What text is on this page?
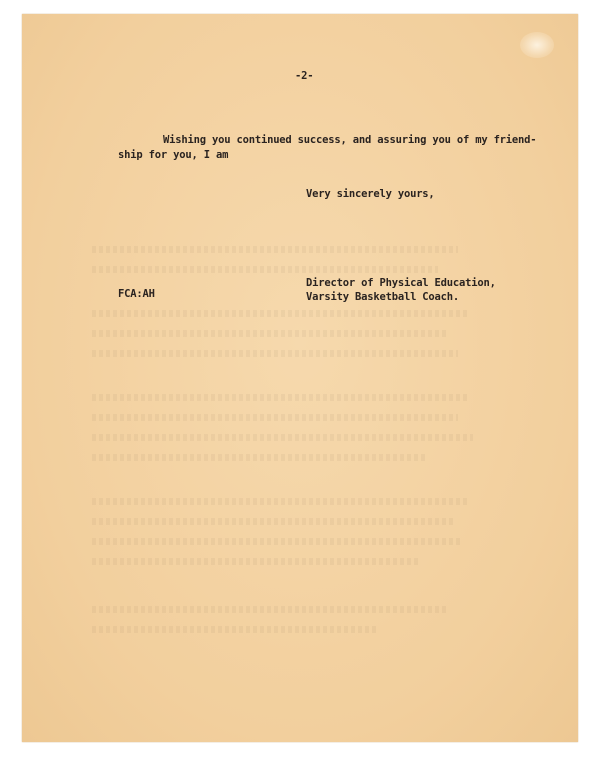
-2-
Wishing you continued success, and assuring you of my friend-
ship for you, I am
Very sincerely yours,
Director of Physical Education,
Varsity Basketball Coach.
FCA:AH
